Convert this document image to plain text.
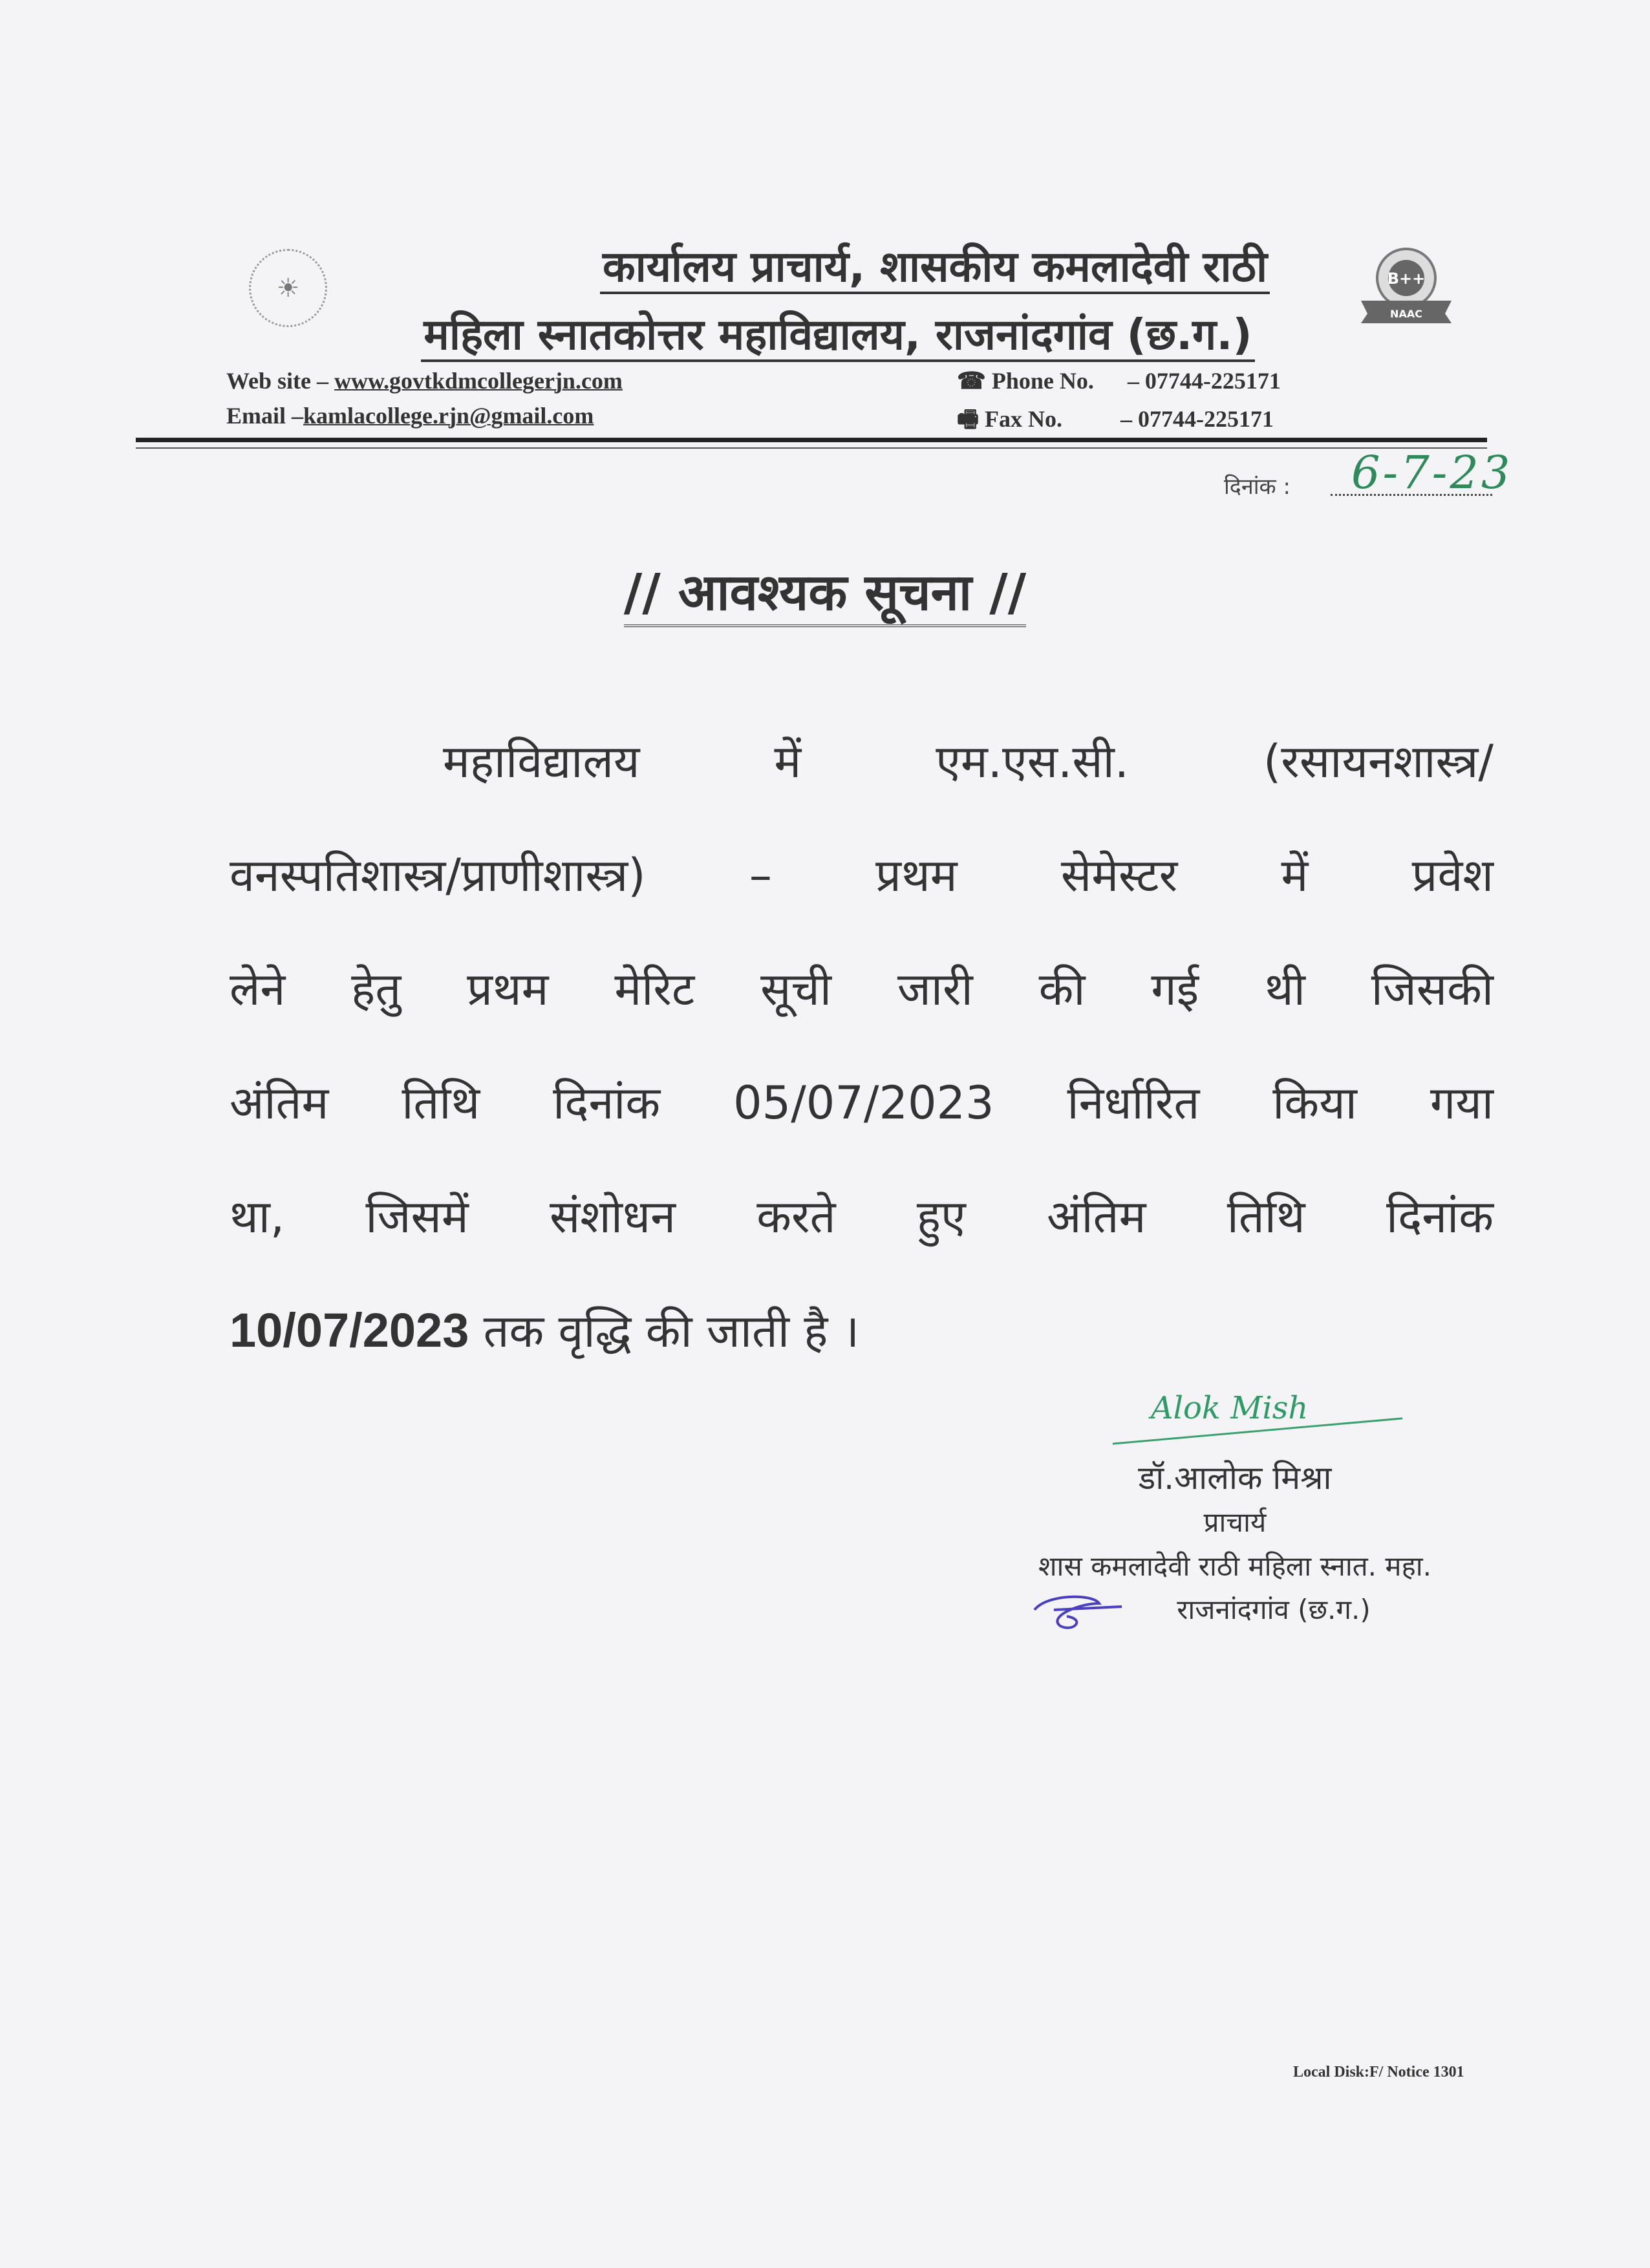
☀	B++
NAAC
कार्यालय प्राचार्य, शासकीय कमलादेवी राठी
महिला स्नातकोत्तर महाविद्यालय, राजनांदगांव (छ.ग.)
Web site – www.govtkdmcollegerjn.com
Email –kamlacollege.rjn@gmail.com
☎ Phone No. – 07744-225171
🖷 Fax No.	– 07744-225171
दिनांक : 6-7-23
// आवश्यक सूचना //
महाविद्यालय में एम.एस.सी. (रसायनशास्त्र/
वनस्पतिशास्त्र/प्राणीशास्त्र) – प्रथम सेमेस्टर में प्रवेश
लेने हेतु प्रथम मेरिट सूची जारी की गई थी जिसकी
अंतिम तिथि दिनांक 05/07/2023 निर्धारित किया गया
था, जिसमें संशोधन करते हुए अंतिम तिथि दिनांक
10/07/2023 तक वृद्धि की जाती है ।
Alok Mish
डॉ.आलोक मिश्रा
प्राचार्य
शास कमलादेवी राठी महिला स्नात. महा.
राजनांदगांव (छ.ग.)
Local Disk:F/ Notice 1301
